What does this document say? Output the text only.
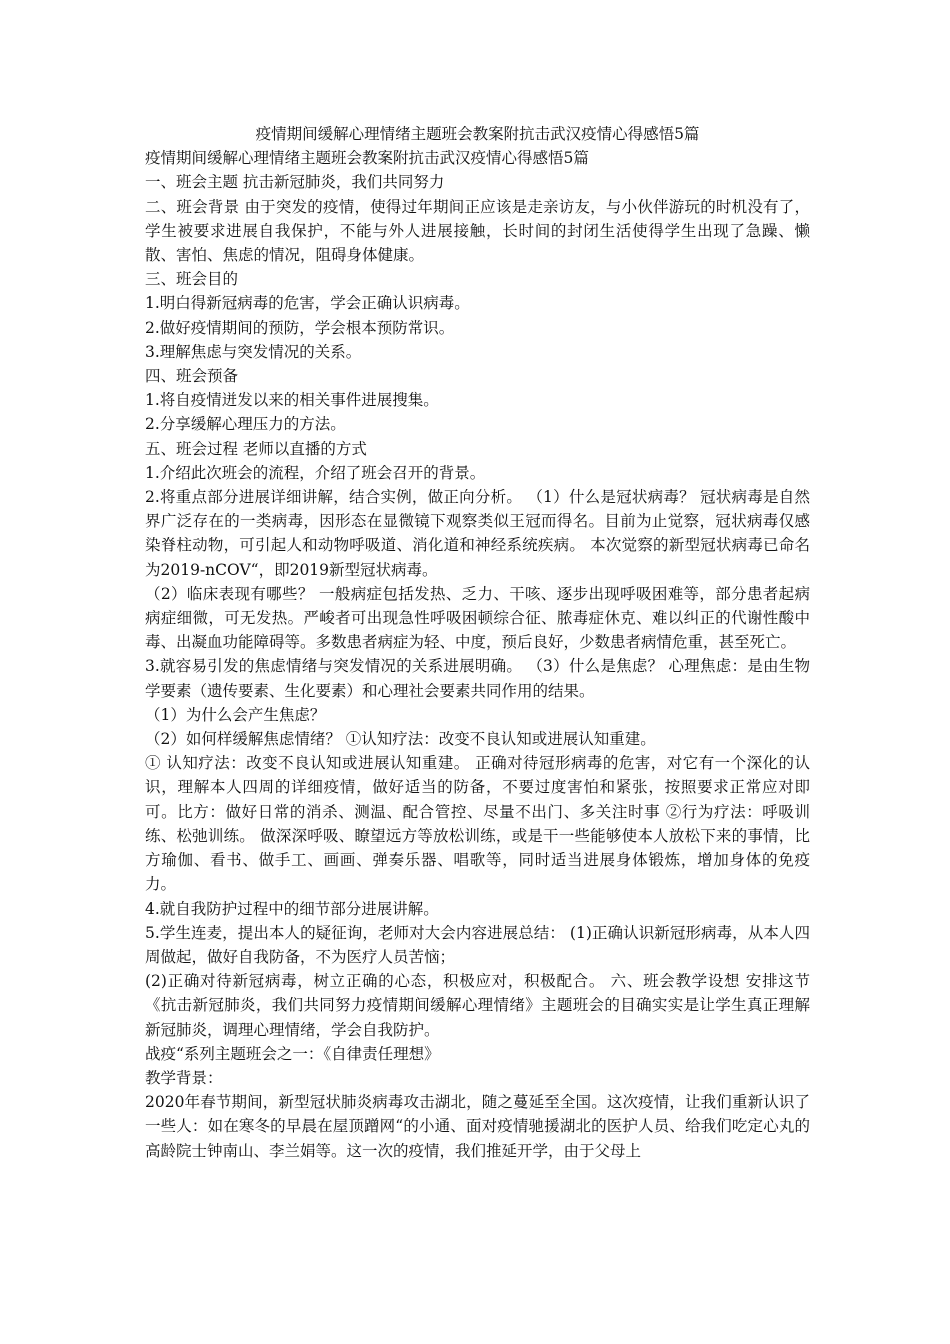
疫情期间缓解心理情绪主题班会教案附抗击武汉疫情心得感悟5篇

疫情期间缓解心理情绪主题班会教案附抗击武汉疫情心得感悟5篇

一、班会主题 抗击新冠肺炎，我们共同努力

二、班会背景 由于突发的疫情，使得过年期间正应该是走亲访友，与小伙伴游玩的时机没有了，学生被要求进展自我保护，不能与外人进展接触，长时间的封闭生活使得学生出现了急躁、懒散、害怕、焦虑的情况，阻碍身体健康。

三、班会目的

1.明白得新冠病毒的危害，学会正确认识病毒。

2.做好疫情期间的预防，学会根本预防常识。

3.理解焦虑与突发情况的关系。

四、班会预备

1.将自疫情迸发以来的相关事件进展搜集。

2.分享缓解心理压力的方法。

五、班会过程 老师以直播的方式

1.介绍此次班会的流程，介绍了班会召开的背景。

2.将重点部分进展详细讲解，结合实例，做正向分析。 （1）什么是冠状病毒？ 冠状病毒是自然界广泛存在的一类病毒，因形态在显微镜下观察类似王冠而得名。目前为止觉察，冠状病毒仅感染脊柱动物，可引起人和动物呼吸道、消化道和神经系统疾病。 本次觉察的新型冠状病毒已命名为2019-nCOV“，即2019新型冠状病毒。

（2）临床表现有哪些？ 一般病症包括发热、乏力、干咳、逐步出现呼吸困难等，部分患者起病病症细微，可无发热。严峻者可出现急性呼吸困顿综合征、脓毒症休克、难以纠正的代谢性酸中毒、出凝血功能障碍等。多数患者病症为轻、中度，预后良好，少数患者病情危重，甚至死亡。

3.就容易引发的焦虑情绪与突发情况的关系进展明确。 （3）什么是焦虑？ 心理焦虑：是由生物学要素（遗传要素、生化要素）和心理社会要素共同作用的结果。

（1）为什么会产生焦虑？

（2）如何样缓解焦虑情绪？ ①认知疗法：改变不良认知或进展认知重建。

① 认知疗法：改变不良认知或进展认知重建。 正确对待冠形病毒的危害，对它有一个深化的认识，理解本人四周的详细疫情，做好适当的防备，不要过度害怕和紧张，按照要求正常应对即可。比方：做好日常的消杀、测温、配合管控、尽量不出门、多关注时事 ②行为疗法：呼吸训练、松弛训练。 做深深呼吸、瞭望远方等放松训练，或是干一些能够使本人放松下来的事情，比方瑜伽、看书、做手工、画画、弹奏乐器、唱歌等，同时适当进展身体锻炼，增加身体的免疫力。

4.就自我防护过程中的细节部分进展讲解。

5.学生连麦，提出本人的疑征询，老师对大会内容进展总结： (1)正确认识新冠形病毒，从本人四周做起，做好自我防备，不为医疗人员苦恼；

(2)正确对待新冠病毒，树立正确的心态，积极应对，积极配合。 六、班会教学设想 安排这节《抗击新冠肺炎，我们共同努力疫情期间缓解心理情绪》主题班会的目确实实是让学生真正理解新冠肺炎，调理心理情绪，学会自我防护。

战疫“系列主题班会之一：《自律责任理想》

教学背景：

2020年春节期间，新型冠状肺炎病毒攻击湖北，随之蔓延至全国。这次疫情，让我们重新认识了一些人：如在寒冬的早晨在屋顶蹭网“的小通、面对疫情驰援湖北的医护人员、给我们吃定心丸的高龄院士钟南山、李兰娟等。这一次的疫情，我们推延开学，由于父母上
